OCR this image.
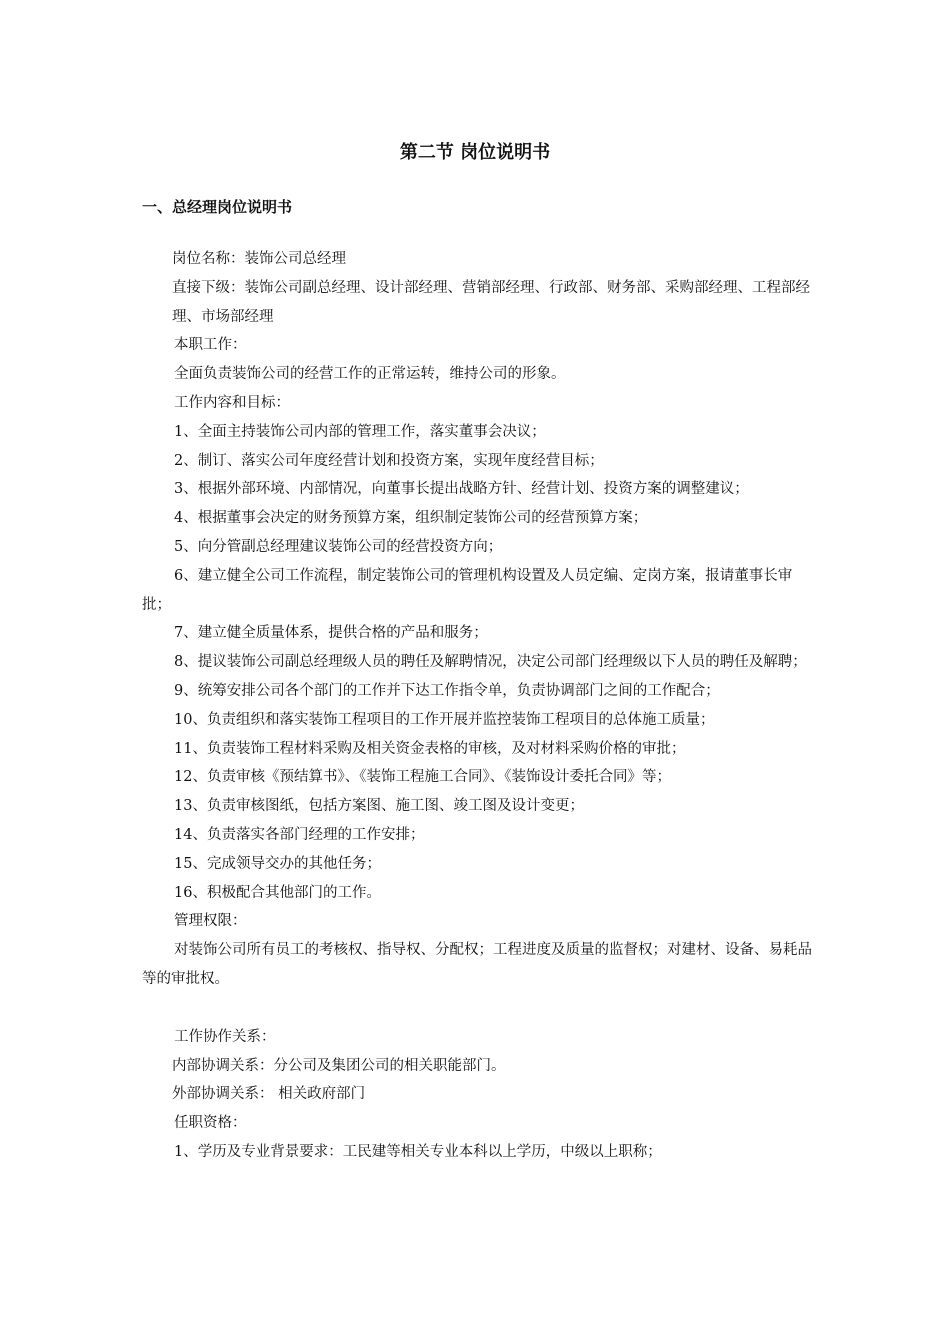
第二节 岗位说明书
一、总经理岗位说明书

岗位名称：装饰公司总经理

直接下级：装饰公司副总经理、设计部经理、营销部经理、行政部、财务部、采购部经理、工程部经理、市场部经理

本职工作：

全面负责装饰公司的经营工作的正常运转，维持公司的形象。

工作内容和目标：

1、全面主持装饰公司内部的管理工作，落实董事会决议；

2、制订、落实公司年度经营计划和投资方案，实现年度经营目标；

3、根据外部环境、内部情况，向董事长提出战略方针、经营计划、投资方案的调整建议；

4、根据董事会决定的财务预算方案，组织制定装饰公司的经营预算方案；

5、向分管副总经理建议装饰公司的经营投资方向；

6、建立健全公司工作流程，制定装饰公司的管理机构设置及人员定编、定岗方案，报请董事长审批；

7、建立健全质量体系，提供合格的产品和服务；

8、提议装饰公司副总经理级人员的聘任及解聘情况，决定公司部门经理级以下人员的聘任及解聘；

9、统筹安排公司各个部门的工作并下达工作指令单，负责协调部门之间的工作配合；

10、负责组织和落实装饰工程项目的工作开展并监控装饰工程项目的总体施工质量；

11、负责装饰工程材料采购及相关资金表格的审核，及对材料采购价格的审批；

12、负责审核《预结算书》、《装饰工程施工合同》、《装饰设计委托合同》等；

13、负责审核图纸，包括方案图、施工图、竣工图及设计变更；

14、负责落实各部门经理的工作安排；

15、完成领导交办的其他任务；

16、积极配合其他部门的工作。

管理权限：

对装饰公司所有员工的考核权、指导权、分配权；工程进度及质量的监督权；对建材、设备、易耗品等的审批权。

工作协作关系：

内部协调关系：分公司及集团公司的相关职能部门。

外部协调关系： 相关政府部门

任职资格：

1、学历及专业背景要求：工民建等相关专业本科以上学历，中级以上职称；
